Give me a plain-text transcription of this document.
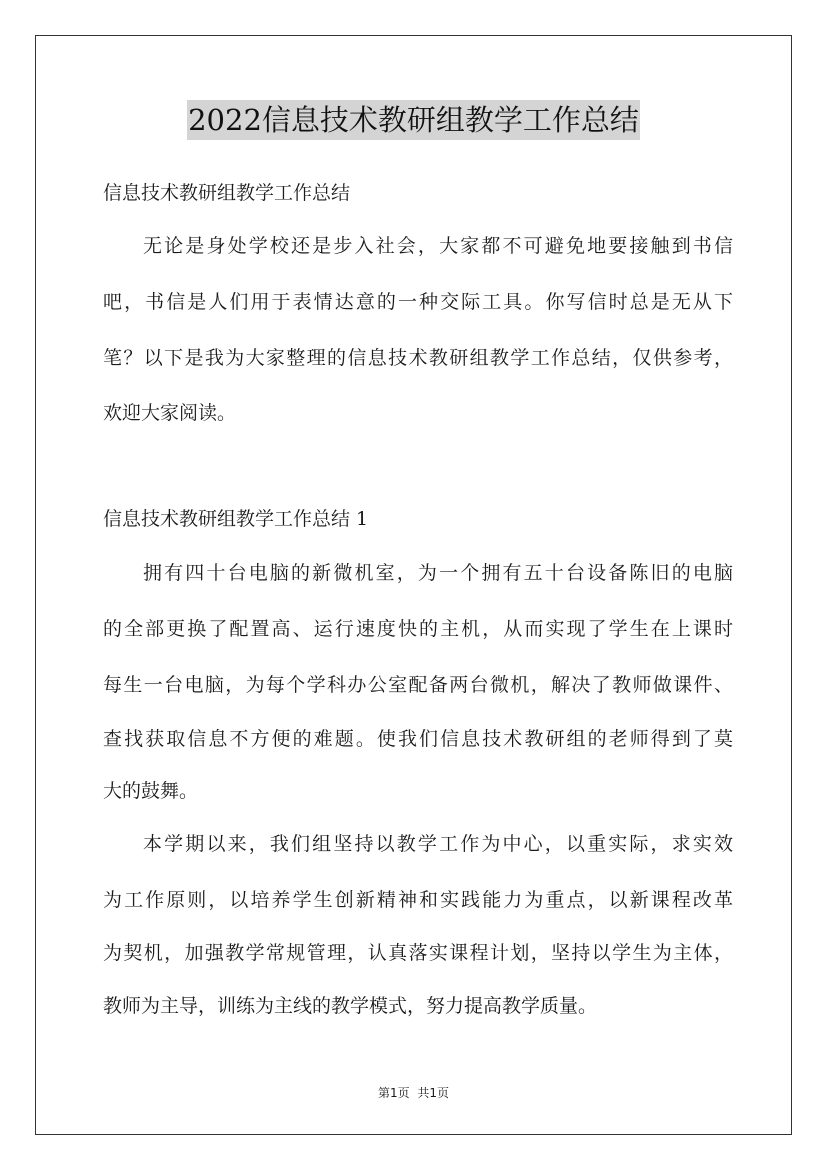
2022信息技术教研组教学工作总结
信息技术教研组教学工作总结
无论是身处学校还是步入社会，大家都不可避免地要接触到书信
吧，书信是人们用于表情达意的一种交际工具。你写信时总是无从下
笔？以下是我为大家整理的信息技术教研组教学工作总结，仅供参考，
欢迎大家阅读。
信息技术教研组教学工作总结 1
拥有四十台电脑的新微机室，为一个拥有五十台设备陈旧的电脑
的全部更换了配置高、运行速度快的主机，从而实现了学生在上课时
每生一台电脑，为每个学科办公室配备两台微机，解决了教师做课件、
查找获取信息不方便的难题。使我们信息技术教研组的老师得到了莫
大的鼓舞。
本学期以来，我们组坚持以教学工作为中心，以重实际，求实效
为工作原则，以培养学生创新精神和实践能力为重点，以新课程改革
为契机，加强教学常规管理，认真落实课程计划，坚持以学生为主体，
教师为主导，训练为主线的教学模式，努力提高教学质量。
第1页 共1页
